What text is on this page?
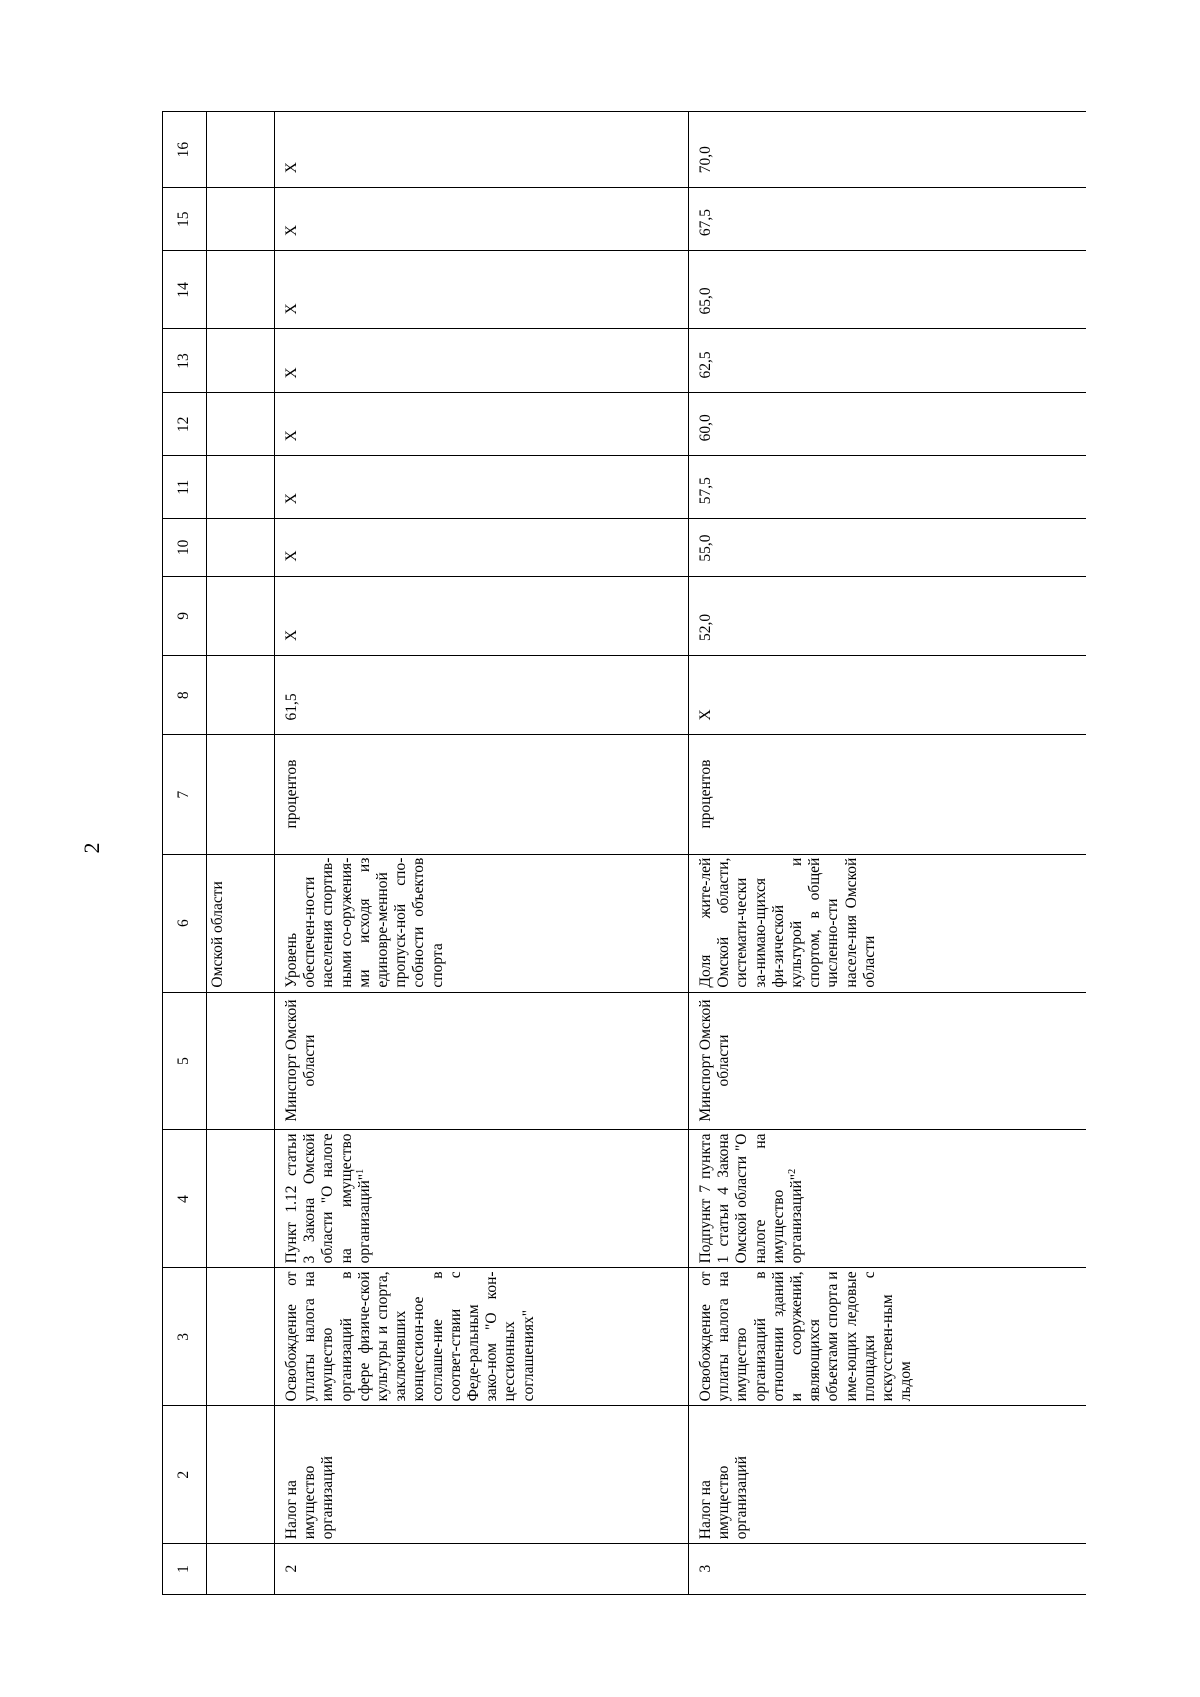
2
1	2	3	4	5	6	7	8	9	10	11	12	13	14	15	16
					Омской области										
2	Налог на имущество организаций	Освобождение от уплаты налога на имущество организаций в сфере физиче-ской культуры и спорта, заключивших концессион-ное соглаше-ние в соответ-ствии с Феде-ральным зако-ном "О кон-цессионных соглашениях"	Пункт 1.12 статьи 3 Закона Омской области "О налоге на имущество организаций"$^1$	Минспорт Омской области	Уровень обеспечен-ности населения спортив-ными со-оружения-ми исходя из единовре-менной пропуск-ной спо-собности объектов спорта	процентов	61,5	X	X	X	X	X	X	X	X
3	Налог на имущество организаций	Освобождение от уплаты налога на имущество организаций в отношении зданий и сооружений, являющихся объектами спорта и име-ющих ледовые площадки с искусствен-ным льдом	Подпункт 7 пункта 1 статьи 4 Закона Омской области "О налоге на имущество организаций"$^2$	Минспорт Омской области	Доля жите-лей Омской области, системати-чески за-нимаю-щихся фи-зической культурой и спортом, в общей численно-сти населе-ния Омской области	процентов	X	52,0	55,0	57,5	60,0	62,5	65,0	67,5	70,0
